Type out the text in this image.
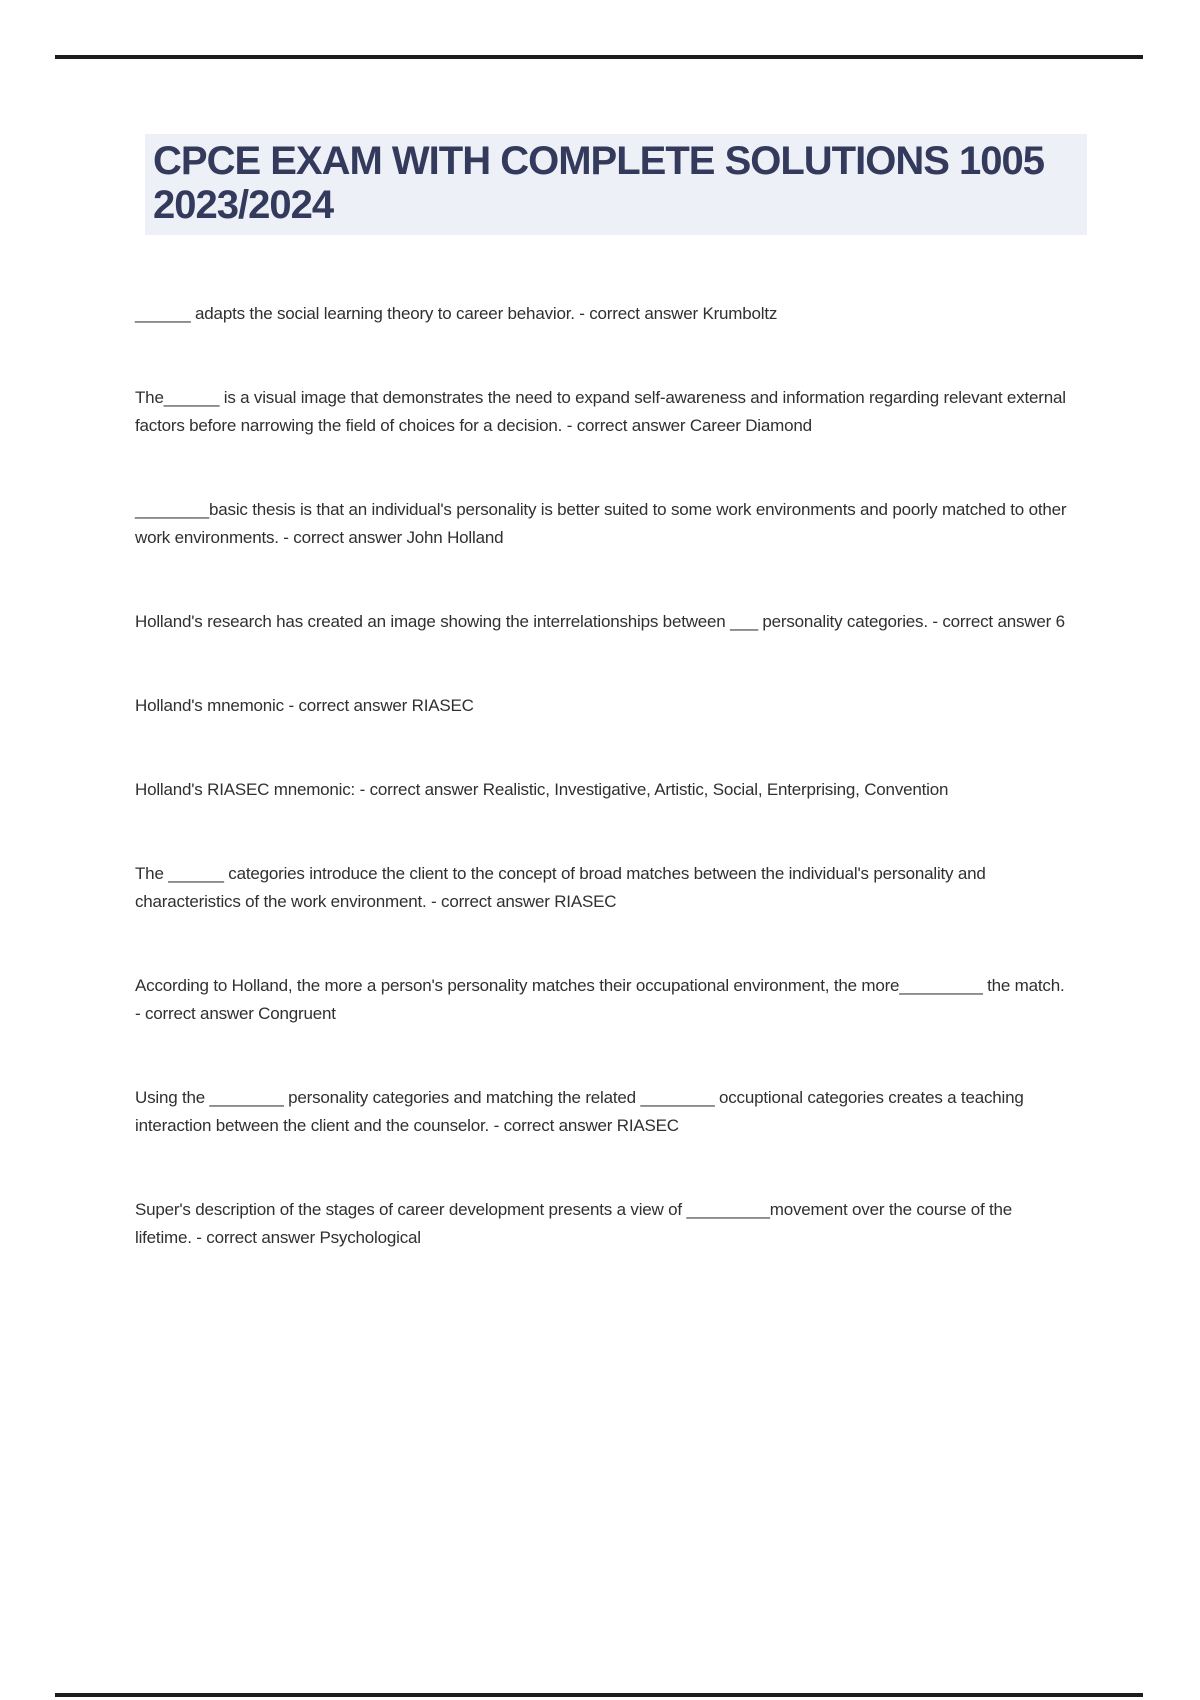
CPCE EXAM WITH COMPLETE SOLUTIONS 1005
2023/2024

______ adapts the social learning theory to career behavior. - correct answer Krumboltz

The______ is a visual image that demonstrates the need to expand self-awareness and information regarding relevant external factors before narrowing the field of choices for a decision. - correct answer Career Diamond

________basic thesis is that an individual's personality is better suited to some work environments and poorly matched to other work environments. - correct answer John Holland

Holland's research has created an image showing the interrelationships between ___ personality categories. - correct answer 6

Holland's mnemonic - correct answer RIASEC

Holland's RIASEC mnemonic: - correct answer Realistic, Investigative, Artistic, Social, Enterprising, Convention

The ______ categories introduce the client to the concept of broad matches between the individual's personality and characteristics of the work environment. - correct answer RIASEC

According to Holland, the more a person's personality matches their occupational environment, the more_________ the match. - correct answer Congruent

Using the ________ personality categories and matching the related ________ occuptional categories creates a teaching interaction between the client and the counselor. - correct answer RIASEC

Super's description of the stages of career development presents a view of _________movement over the course of the lifetime. - correct answer Psychological
